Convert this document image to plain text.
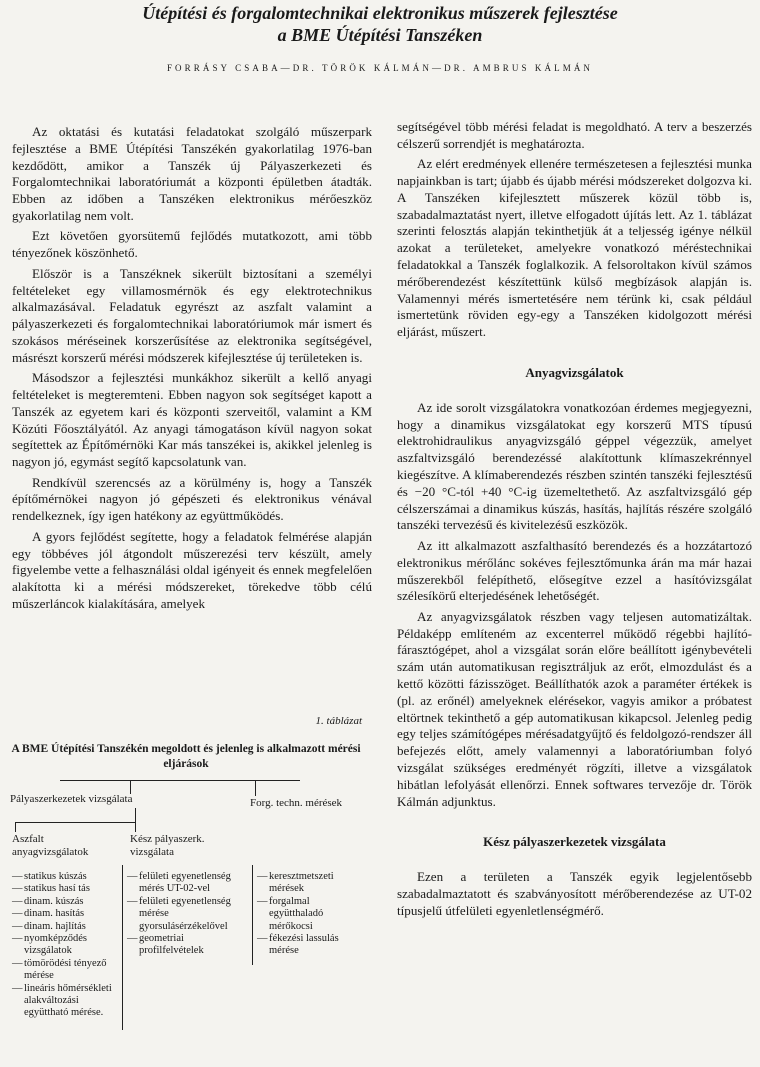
Útépítési és forgalomtechnikai elektronikus műszerek fejlesztése
a BME Útépítési Tanszéken
FORRÁSY CSABA—DR. TÖRÖK KÁLMÁN—DR. AMBRUS KÁLMÁN

Az oktatási és kutatási feladatokat szolgáló műszerpark fejlesztése a BME Útépítési Tanszékén gyakorlatilag 1976-ban kezdődött, amikor a Tanszék új Pályaszerkezeti és Forgalomtechnikai laboratóriumát a központi épületben átadták. Ebben az időben a Tanszéken elektronikus mérőeszköz gyakorlatilag nem volt.

Ezt követően gyorsütemű fejlődés mutatkozott, ami több tényezőnek köszönhető.

Először is a Tanszéknek sikerült biztosítani a személyi feltételeket egy villamosmérnök és egy elektrotechnikus alkalmazásával. Feladatuk egyrészt az aszfalt valamint a pályaszerkezeti és forgalomtechnikai laboratóriumok már ismert és szokásos méréseinek korszerűsítése az elektronika segítségével, másrészt korszerű mérési módszerek kifejlesztése új területeken is.

Másodszor a fejlesztési munkákhoz sikerült a kellő anyagi feltételeket is megteremteni. Ebben nagyon sok segítséget kapott a Tanszék az egyetem kari és központi szerveitől, valamint a KM Közúti Főosztályától. Az anyagi támogatáson kívül nagyon sokat segítettek az Építőmérnöki Kar más tanszékei is, akikkel jelenleg is nagyon jó, egymást segítő kapcsolatunk van.

Rendkívül szerencsés az a körülmény is, hogy a Tanszék építőmérnökei nagyon jó gépészeti és elektronikus vénával rendelkeznek, így igen hatékony az együttműködés.

A gyors fejlődést segítette, hogy a feladatok felmérése alapján egy többéves jól átgondolt műszerezési terv készült, amely figyelembe vette a felhasználási oldal igényeit és ennek megfelelően alakította ki a mérési módszereket, törekedve több célú műszerláncok kialakítására, amelyek

1. táblázat
A BME Útépítési Tanszékén megoldott és jelenleg is alkalmazott mérési eljárások
Pályaszerkezetek vizsgálata	Forg. techn. mérések
Aszfalt anyagvizsgálatok
Kész pályaszerk. vizsgálata
— statikus kúszás
— statikus hasí tás
— dinam. kúszás
— dinam. hasítás
— dinam. hajlítás
— nyomképződés vizsgálatok
— tömörödési tényező mérése
— lineáris hőmérsékleti alakváltozási együttható mérése.
— felületi egyenetlenség mérés UT-02-vel
— felületi egyenetlenség mérése gyorsulásérzékelővel
— geometriai profilfelvételek
— keresztmetszeti mérések
— forgalmal együtthaladó mérőkocsi
— fékezési lassulás mérése

segítségével több mérési feladat is megoldható. A terv a beszerzés célszerű sorrendjét is meghatározta.

Az elért eredmények ellenére természetesen a fejlesztési munka napjainkban is tart; újabb és újabb mérési módszereket dolgozva ki. A Tanszéken kifejlesztett műszerek közül több is, szabadalmaztatást nyert, illetve elfogadott újítás lett. Az 1. táblázat szerinti felosztás alapján tekinthetjük át a teljesség igénye nélkül azokat a területeket, amelyekre vonatkozó méréstechnikai feladatokkal a Tanszék foglalkozik. A felsoroltakon kívül számos mérőberendezést készítettünk külső megbízások alapján is. Valamennyi mérés ismertetésére nem térünk ki, csak például ismertetünk röviden egy-egy a Tanszéken kidolgozott mérési eljárást, műszert.

Anyagvizsgálatok

Az ide sorolt vizsgálatokra vonatkozóan érdemes megjegyezni, hogy a dinamikus vizsgálatokat egy korszerű MTS típusú elektrohidraulikus anyagvizsgáló géppel végezzük, amelyet aszfaltvizsgáló berendezéssé alakítottunk klímaszekrénnyel kiegészítve. A klímaberendezés részben szintén tanszéki fejlesztésű és −20 °C-tól +40 °C-ig üzemeltethető. Az aszfaltvizsgáló gép célszerszámai a dinamikus kúszás, hasítás, hajlítás részére szolgáló tanszéki tervezésű és kivitelezésű eszközök.

Az itt alkalmazott aszfalthasító berendezés és a hozzátartozó elektronikus mérőlánc sokéves fejlesztőmunka árán ma már hazai műszerekből felépíthető, elősegítve ezzel a hasítóvizsgálat szélesíkörű elterjedésének lehetőségét.

Az anyagvizsgálatok részben vagy teljesen automatizáltak. Példaképp említeném az excenterrel működő régebbi hajlító-fárasztógépet, ahol a vizsgálat során előre beállított igénybevételi szám után automatikusan regisztráljuk az erőt, elmozdulást és a kettő közötti fázisszöget. Beállíthatók azok a paraméter értékek is (pl. az erőnél) amelyeknek elérésekor, vagyis amikor a próbatest eltörtnek tekinthető a gép automatikusan kikapcsol. Jelenleg pedig egy teljes számítógépes mérésadatgyűjtő és feldolgozó-rendszer áll befejezés előtt, amely valamennyi a laboratóriumban folyó vizsgálat szükséges eredményét rögzíti, illetve a vizsgálatok hibátlan lefolyását ellenőrzi. Ennek softwares tervezője dr. Török Kálmán adjunktus.

Kész pályaszerkezetek vizsgálata

Ezen a területen a Tanszék egyik legjelentősebb szabadalmaztatott és szabványosított mérőberendezése az UT-02 típusjelű útfelületi egyenletlenségmérő.
